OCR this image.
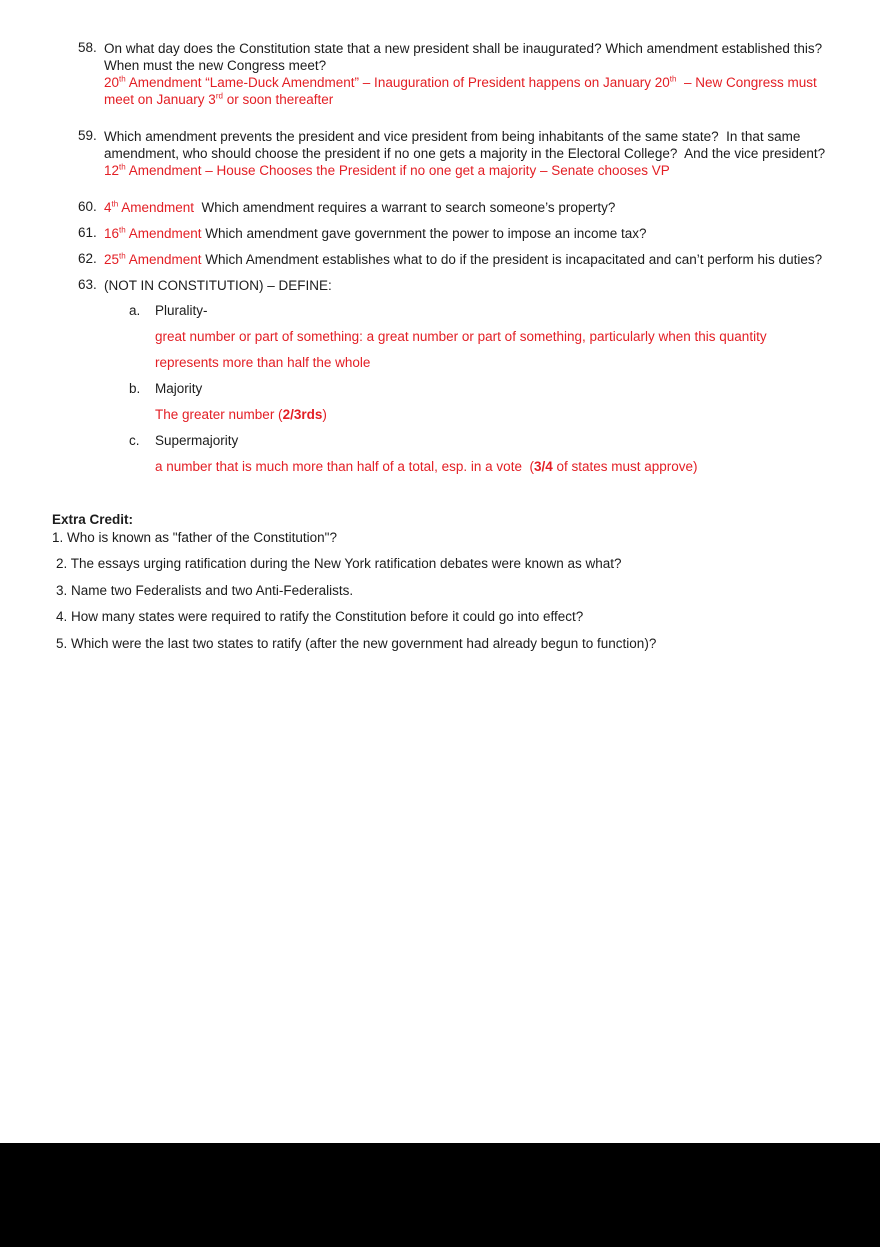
58. On what day does the Constitution state that a new president shall be inaugurated? Which amendment established this?
When must the new Congress meet?
20th Amendment “Lame-Duck Amendment” – Inauguration of President happens on January 20th  – New Congress must
meet on January 3rd or soon thereafter
59. Which amendment prevents the president and vice president from being inhabitants of the same state?  In that same
amendment, who should choose the president if no one gets a majority in the Electoral College?  And the vice president?
12th Amendment – House Chooses the President if no one get a majority – Senate chooses VP
60. 4th Amendment  Which amendment requires a warrant to search someone’s property?
61. 16th Amendment Which amendment gave government the power to impose an income tax?
62. 25th Amendment Which Amendment establishes what to do if the president is incapacitated and can’t perform his duties?
63. (NOT IN CONSTITUTION) – DEFINE:
a.	Plurality-
great number or part of something: a great number or part of something, particularly when this quantity
represents more than half the whole
b.	Majority
The greater number (2/3rds)
c.	Supermajority
a number that is much more than half of a total, esp. in a vote  (3/4 of states must approve)
Extra Credit:
1. Who is known as "father of the Constitution"?
2. The essays urging ratification during the New York ratification debates were known as what?
3. Name two Federalists and two Anti-Federalists.
4. How many states were required to ratify the Constitution before it could go into effect?
5. Which were the last two states to ratify (after the new government had already begun to function)?
